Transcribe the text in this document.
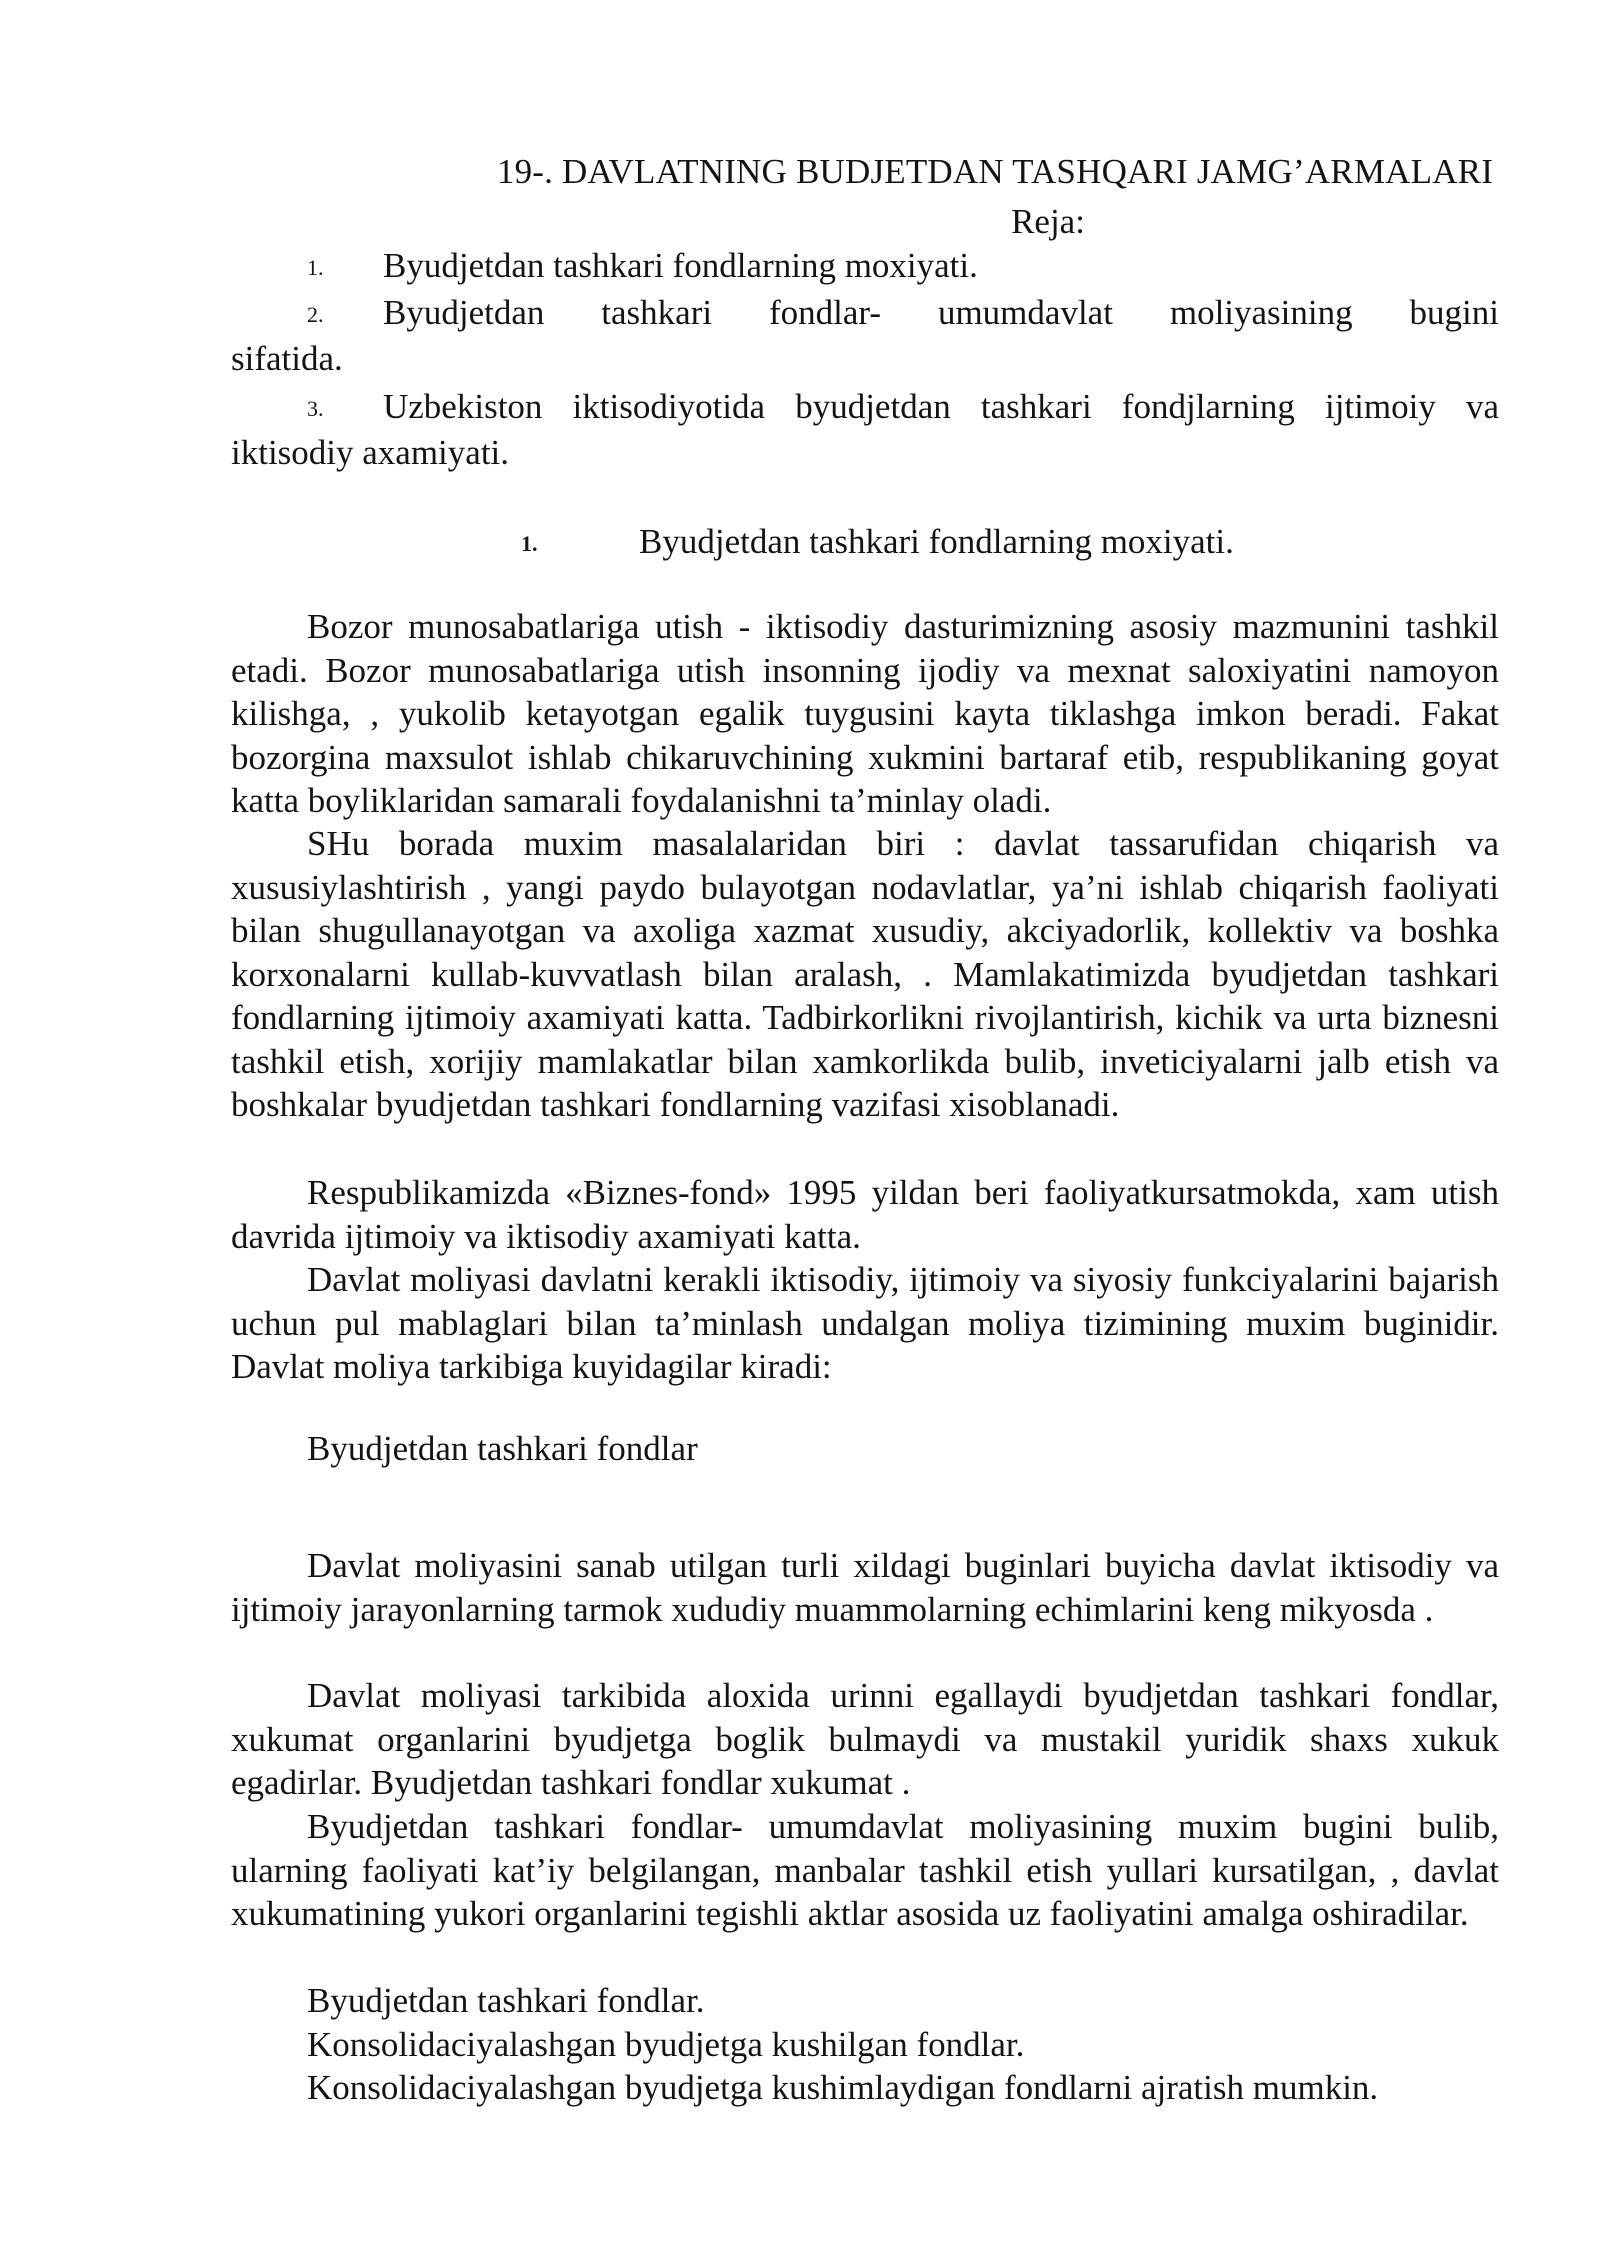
19-. DAVLATNING BUDJETDAN TASHQARI JAMG’ARMALARI
Reja:
1. Byudjetdan tashkari fondlarning moxiyati.
2. Byudjetdan tashkari fondlar- umumdavlat moliyasining bugini
sifatida.
3. Uzbekiston iktisodiyotida byudjetdan tashkari fondjlarning ijtimoiy va
iktisodiy axamiyati.
1.	Byudjetdan tashkari fondlarning moxiyati.

Bozor munosabatlariga utish - iktisodiy dasturimizning asosiy mazmunini tashkil etadi. Bozor munosabatlariga utish insonning ijodiy va mexnat saloxiyatini namoyon kilishga, , yukolib ketayotgan egalik tuygusini kayta tiklashga imkon beradi. Fakat bozorgina maxsulot ishlab chikaruvchining xukmini bartaraf etib, respublikaning goyat katta boyliklaridan samarali foydalanishni ta’minlay oladi.

SHu borada muxim masalalaridan biri : davlat tassarufidan chiqarish va xususiylashtirish , yangi paydo bulayotgan nodavlatlar, ya’ni ishlab chiqarish faoliyati bilan shugullanayotgan va axoliga xazmat xusudiy, akciyadorlik, kollektiv va boshka korxonalarni kullab-kuvvatlash bilan aralash, . Mamlakatimizda byudjetdan tashkari fondlarning ijtimoiy axamiyati katta. Tadbirkorlikni rivojlantirish, kichik va urta biznesni tashkil etish, xorijiy mamlakatlar bilan xamkorlikda bulib, inveticiyalarni jalb etish va boshkalar byudjetdan tashkari fondlarning vazifasi xisoblanadi.

Respublikamizda «Biznes-fond» 1995 yildan beri faoliyatkursatmokda, xam utish davrida ijtimoiy va iktisodiy axamiyati katta.

Davlat moliyasi davlatni kerakli iktisodiy, ijtimoiy va siyosiy funkciyalarini bajarish uchun pul mablaglari bilan ta’minlash undalgan moliya tizimining muxim buginidir. Davlat moliya tarkibiga kuyidagilar kiradi:

Byudjetdan tashkari fondlar

Davlat moliyasini sanab utilgan turli xildagi buginlari buyicha davlat iktisodiy va ijtimoiy jarayonlarning tarmok xududiy muammolarning echimlarini keng mikyosda .

Davlat moliyasi tarkibida aloxida urinni egallaydi byudjetdan tashkari fondlar, xukumat organlarini byudjetga boglik bulmaydi va mustakil yuridik shaxs xukuk egadirlar. Byudjetdan tashkari fondlar xukumat .

Byudjetdan tashkari fondlar- umumdavlat moliyasining muxim bugini bulib, ularning faoliyati kat’iy belgilangan, manbalar tashkil etish yullari kursatilgan, , davlat xukumatining yukori organlarini tegishli aktlar asosida uz faoliyatini amalga oshiradilar.

Byudjetdan tashkari fondlar.

Konsolidaciyalashgan byudjetga kushilgan fondlar.

Konsolidaciyalashgan byudjetga kushimlaydigan fondlarni ajratish mumkin.
